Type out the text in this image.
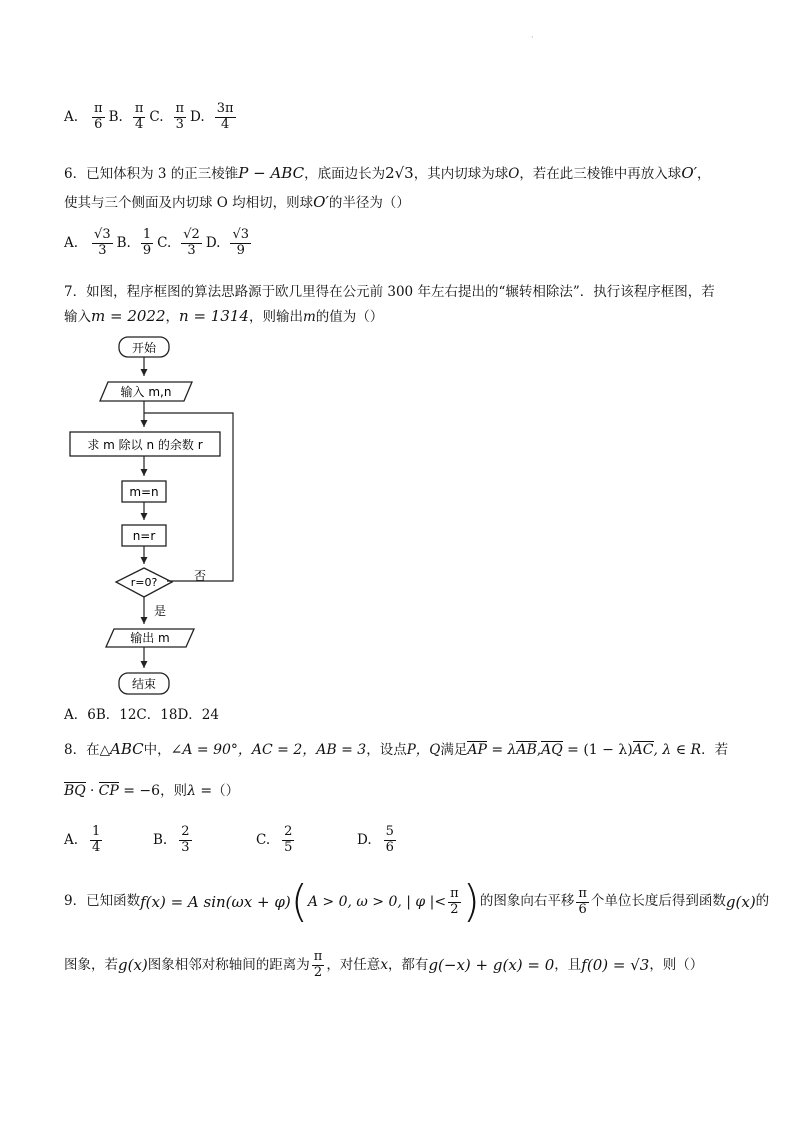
·
A. $\frac{\pi}{6} B$. $\frac{\pi}{4} C$. $\frac{\pi}{3} D$. $\frac{3\pi}{4}$
6．已知体积为 3 的正三棱锥P − ABC，底面边长为2√3，其内切球为球O，若在此三棱锥中再放入球O′，
使其与三个侧面及内切球 O 均相切，则球O′的半径为（）
A. $\frac{√3}{3} B$. $\frac{1}{9} C$. $\frac{√2}{3} D$. $\frac{√3}{9}$
7．如图，程序框图的算法思路源于欧几里得在公元前 300 年左右提出的“辗转相除法”．执行该程序框图，若
输入m = 2022，n = 1314，则输出m的值为（）
开始
输入 m,n
求 m 除以 n 的余数 r
m=n
n=r
r=0?	否
是
输出 m
结束
A．6B．12C．18D．24
8．在△ABC中，∠A = 90°，AC = 2，AB = 3，设点P，Q满足AP = λAB,AQ = (1 − λ)AC, λ ∈ R．若
BQ · CP = −6，则λ =（）
A. $\frac{1}{4}$	B. $\frac{2}{3}$	C. $\frac{2}{5}$	D. $\frac{5}{6}$
9．已知函数 f(x) = A sin(ωx + φ) ( A > 0, ω > 0, | φ |< $\frac{\pi}{2}$ ) 的图象向右平移 $\frac{\pi}{6}$ 个单位长度后得到函数 g(x) 的
图象，若 g(x) 图象相邻对称轴间的距离为 $\frac{\pi}{2}$ ，对任意 x ，都有 g(−x) + g(x) = 0 ，且 f(0) = √3 ，则（）
